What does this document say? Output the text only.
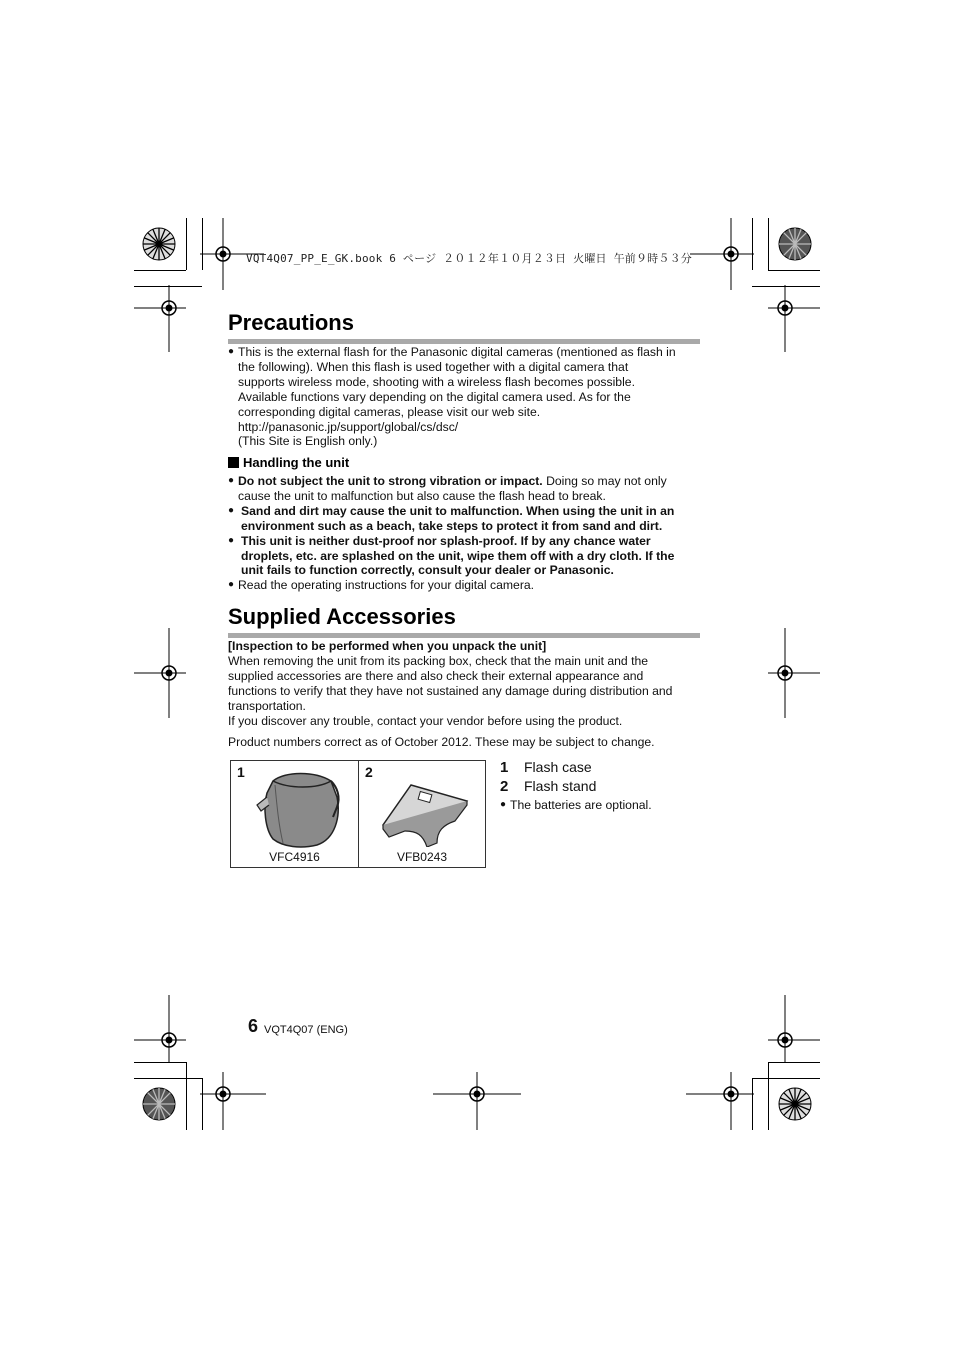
VQT4Q07_PP_E_GK.book 6 ページ ２０１２年１０月２３日 火曜日 午前９時５３分
Precautions
● This is the external flash for the Panasonic digital cameras (mentioned as flash in
the following). When this flash is used together with a digital camera that
supports wireless mode, shooting with a wireless flash becomes possible.
Available functions vary depending on the digital camera used. As for the
corresponding digital cameras, please visit our web site.
http://panasonic.jp/support/global/cs/dsc/
(This Site is English only.)
Handling the unit
● Do not subject the unit to strong vibration or impact. Doing so may not only
cause the unit to malfunction but also cause the flash head to break.
● Sand and dirt may cause the unit to malfunction. When using the unit in an
environment such as a beach, take steps to protect it from sand and dirt.
● This unit is neither dust-proof nor splash-proof. If by any chance water
droplets, etc. are splashed on the unit, wipe them off with a dry cloth. If the
unit fails to function correctly, consult your dealer or Panasonic.
● Read the operating instructions for your digital camera.
Supplied Accessories
[Inspection to be performed when you unpack the unit]
When removing the unit from its packing box, check that the main unit and the
supplied accessories are there and also check their external appearance and
functions to verify that they have not sustained any damage during distribution and
transportation.
If you discover any trouble, contact your vendor before using the product.
Product numbers correct as of October 2012. These may be subject to change.
1
VFC4916
2
VFB0243
1 Flash case
2 Flash stand
● The batteries are optional.
6 VQT4Q07 (ENG)
